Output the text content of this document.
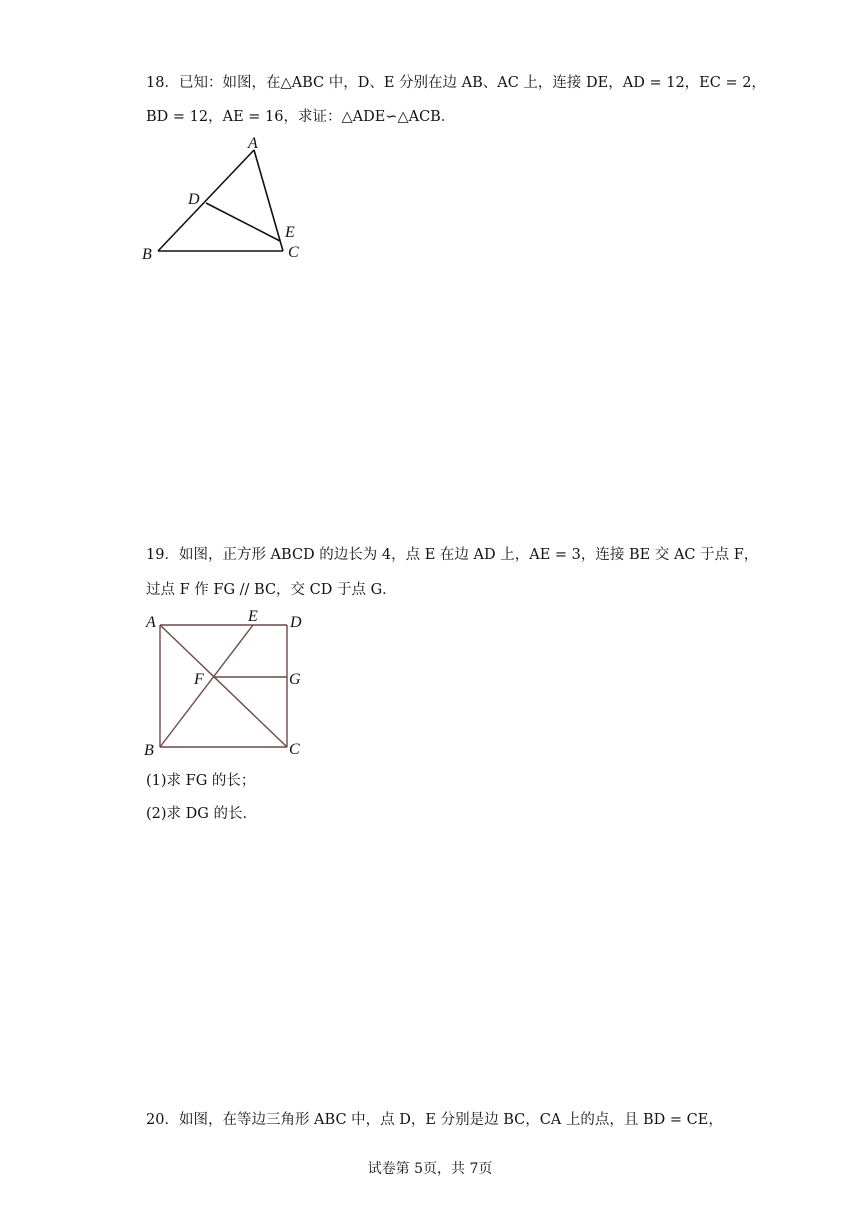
18．已知：如图，在△ABC 中，D、E 分别在边 AB、AC 上，连接 DE，AD = 12，EC = 2，
BD = 12，AE = 16，求证：△ADE∽△ACB．
A
B	C
D
E
19．如图，正方形 ABCD 的边长为 4，点 E 在边 AD 上，AE = 3，连接 BE 交 AC 于点 F，
过点 F 作 FG // BC，交 CD 于点 G．
A	E D
F	G
B	C
(1)求 FG 的长；
(2)求 DG 的长．
20．如图，在等边三角形 ABC 中，点 D，E 分别是边 BC，CA 上的点，且 BD = CE，
试卷第 5页，共 7页
